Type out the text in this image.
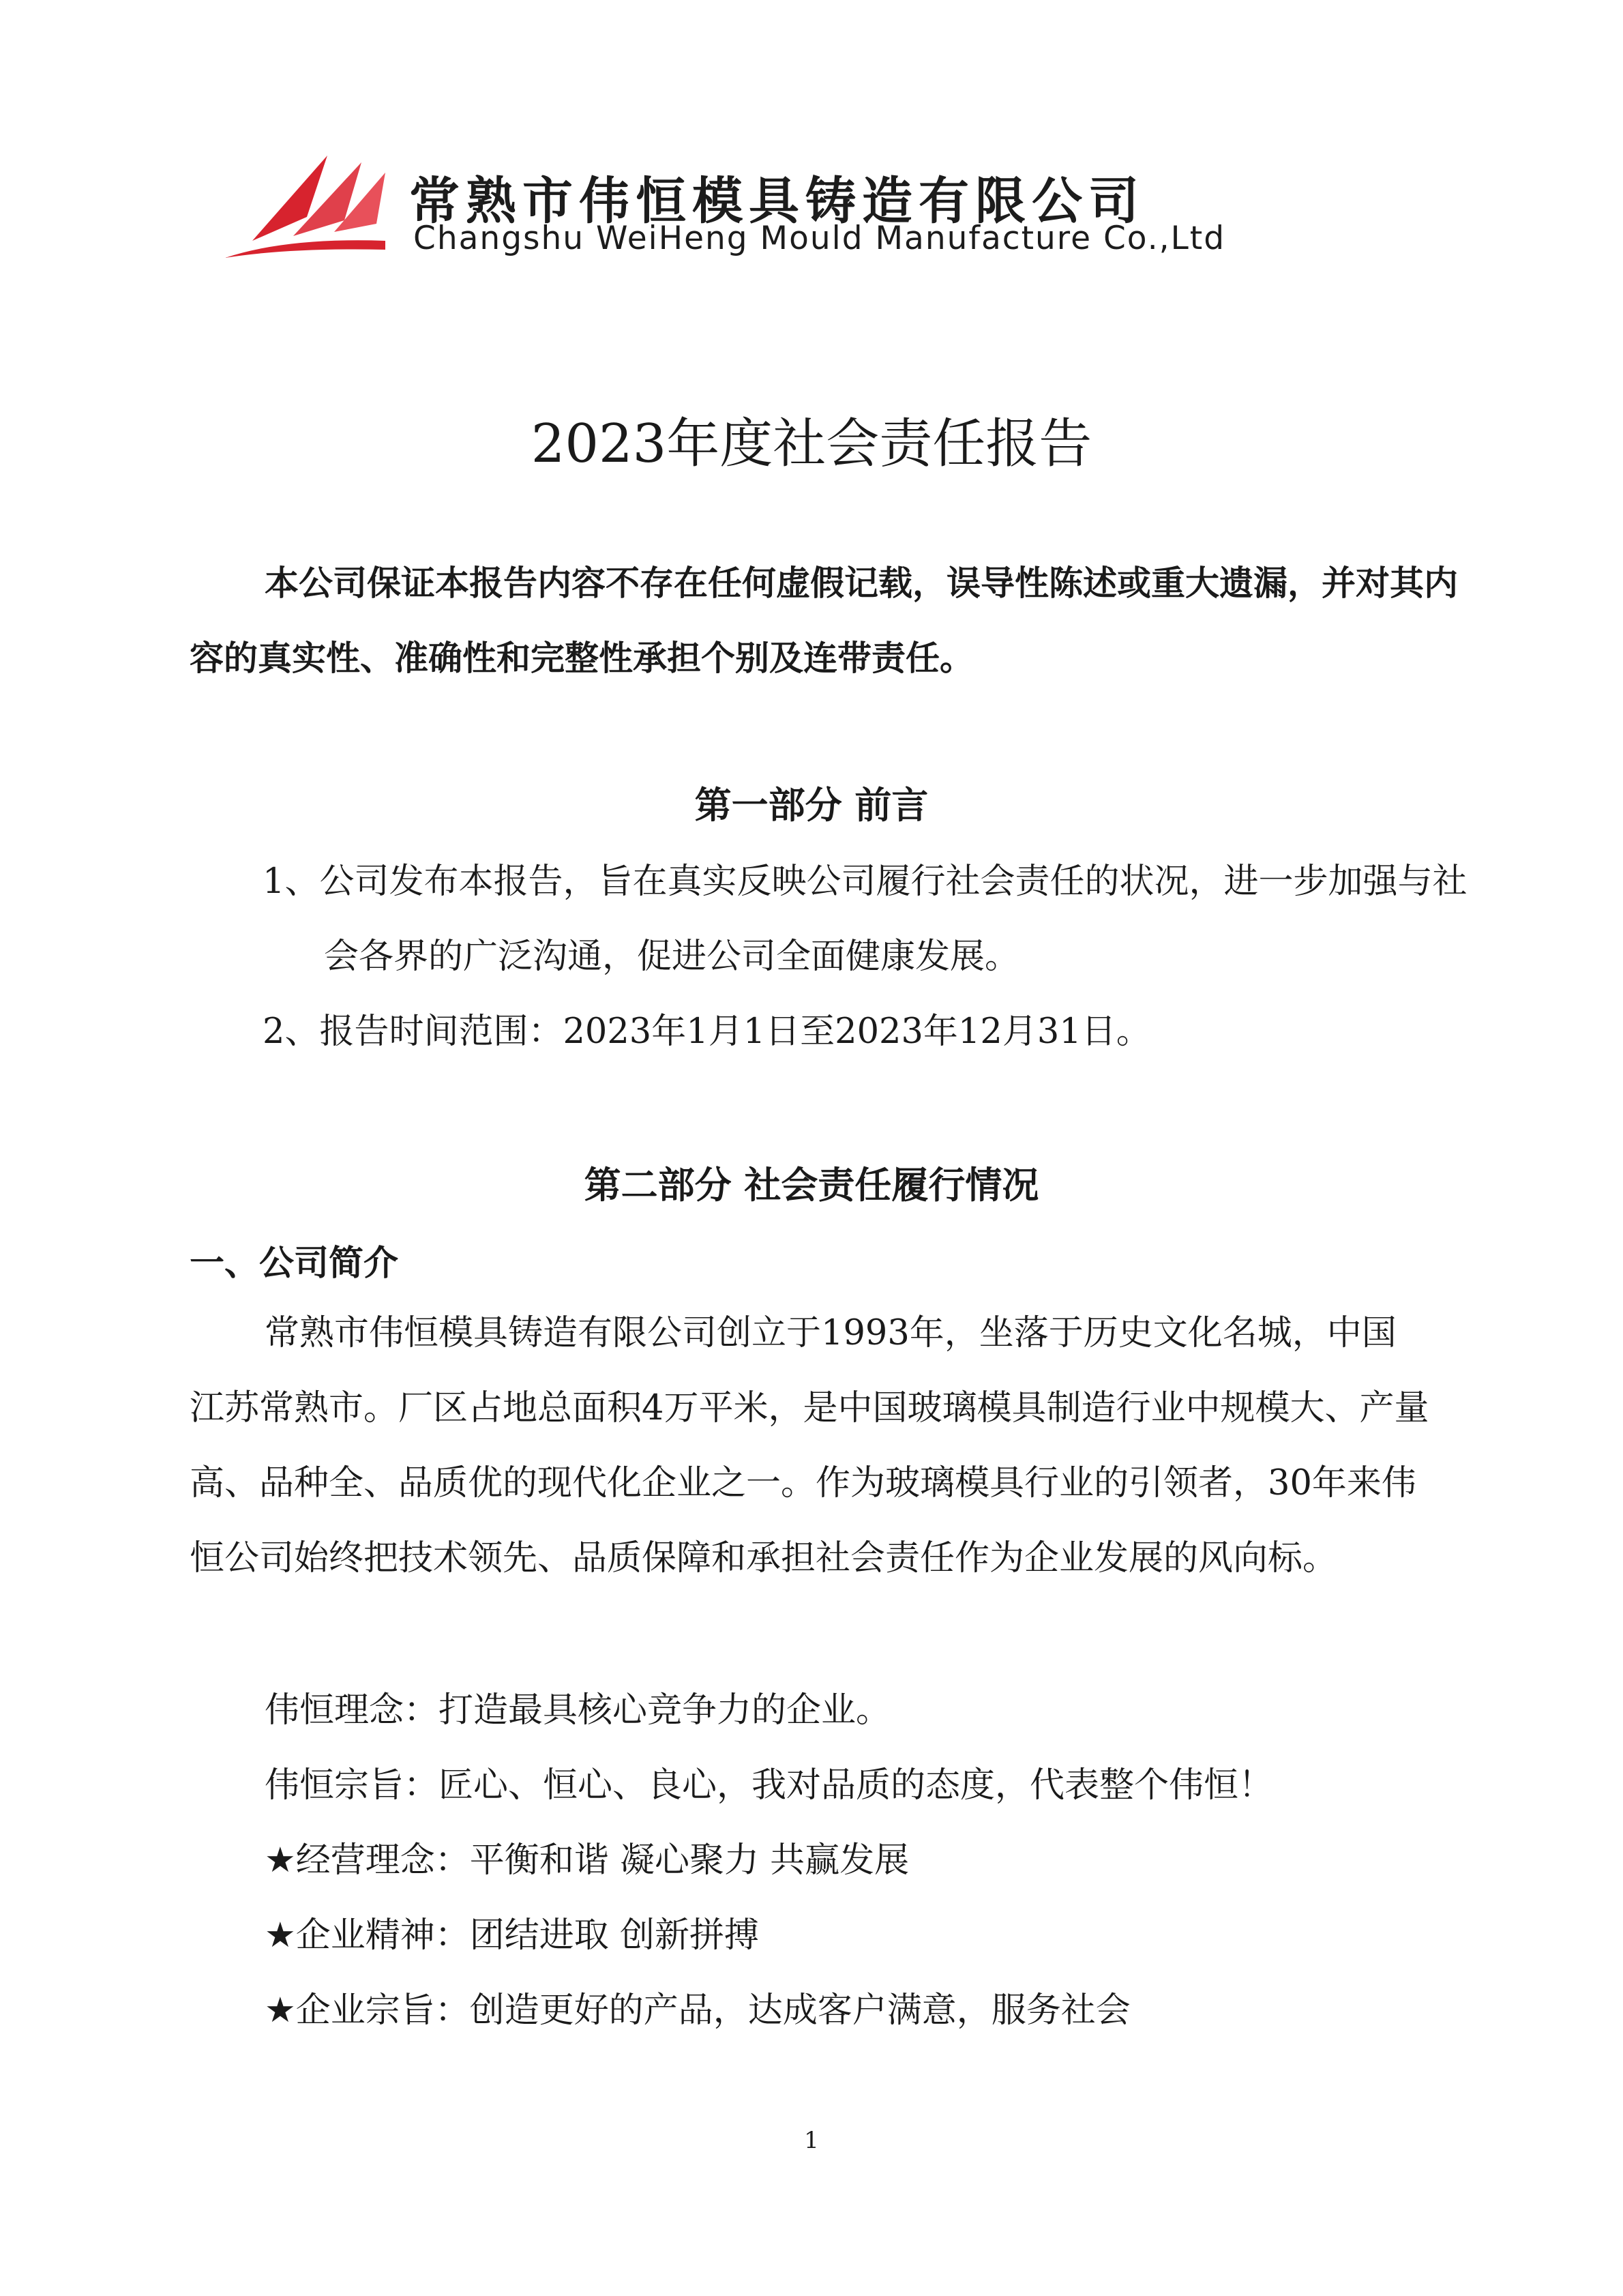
常熟市伟恒模具铸造有限公司
Changshu WeiHeng Mould Manufacture Co.,Ltd
2023年度社会责任报告
本公司保证本报告内容不存在任何虚假记载，误导性陈述或重大遗漏，并对其内容的真实性、准确性和完整性承担个别及连带责任。
第一部分 前言
1、公司发布本报告，旨在真实反映公司履行社会责任的状况，进一步加强与社会各界的广泛沟通，促进公司全面健康发展。
2、报告时间范围：2023年1月1日至2023年12月31日。
第二部分 社会责任履行情况
一、公司简介
常熟市伟恒模具铸造有限公司创立于1993年，坐落于历史文化名城，中国江苏常熟市。厂区占地总面积4万平米，是中国玻璃模具制造行业中规模大、产量高、品种全、品质优的现代化企业之一。作为玻璃模具行业的引领者，30年来伟恒公司始终把技术领先、品质保障和承担社会责任作为企业发展的风向标。
伟恒理念：打造最具核心竞争力的企业。
伟恒宗旨：匠心、恒心、良心，我对品质的态度，代表整个伟恒！
★经营理念：平衡和谐 凝心聚力 共赢发展
★企业精神：团结进取 创新拼搏
★企业宗旨：创造更好的产品，达成客户满意，服务社会
1
